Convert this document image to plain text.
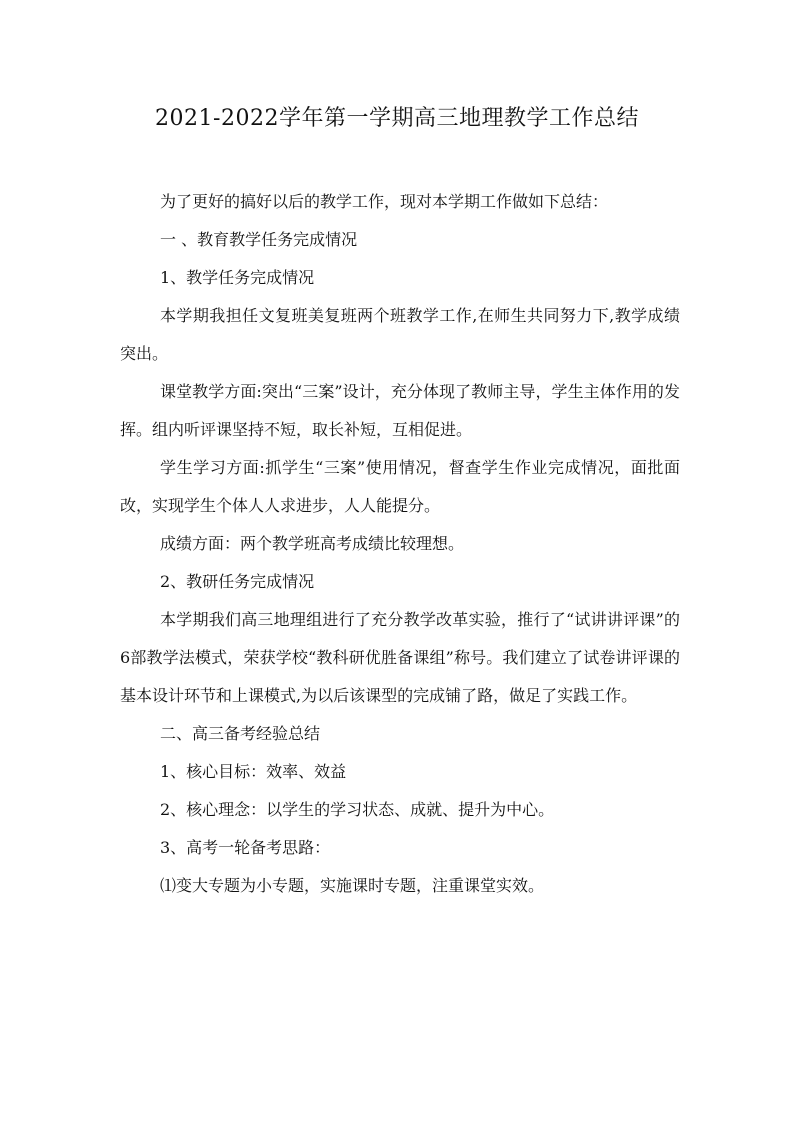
2021-2022学年第一学期高三地理教学工作总结

为了更好的搞好以后的教学工作，现对本学期工作做如下总结：

一 、教育教学任务完成情况

1、教学任务完成情况

本学期我担任文复班美复班两个班教学工作,在师生共同努力下,教学成绩突出。

课堂教学方面:突出“三案”设计，充分体现了教师主导，学生主体作用的发挥。组内听评课坚持不短，取长补短，互相促进。

学生学习方面:抓学生“三案”使用情况，督查学生作业完成情况，面批面改，实现学生个体人人求进步，人人能提分。

成绩方面：两个教学班高考成绩比较理想。

2、教研任务完成情况

本学期我们高三地理组进行了充分教学改革实验，推行了“试讲讲评课”的6部教学法模式，荣获学校“教科研优胜备课组”称号。我们建立了试卷讲评课的基本设计环节和上课模式,为以后该课型的完成铺了路，做足了实践工作。

二、高三备考经验总结

1、核心目标：效率、效益

2、核心理念：以学生的学习状态、成就、提升为中心。

3、高考一轮备考思路：

⑴变大专题为小专题，实施课时专题，注重课堂实效。
